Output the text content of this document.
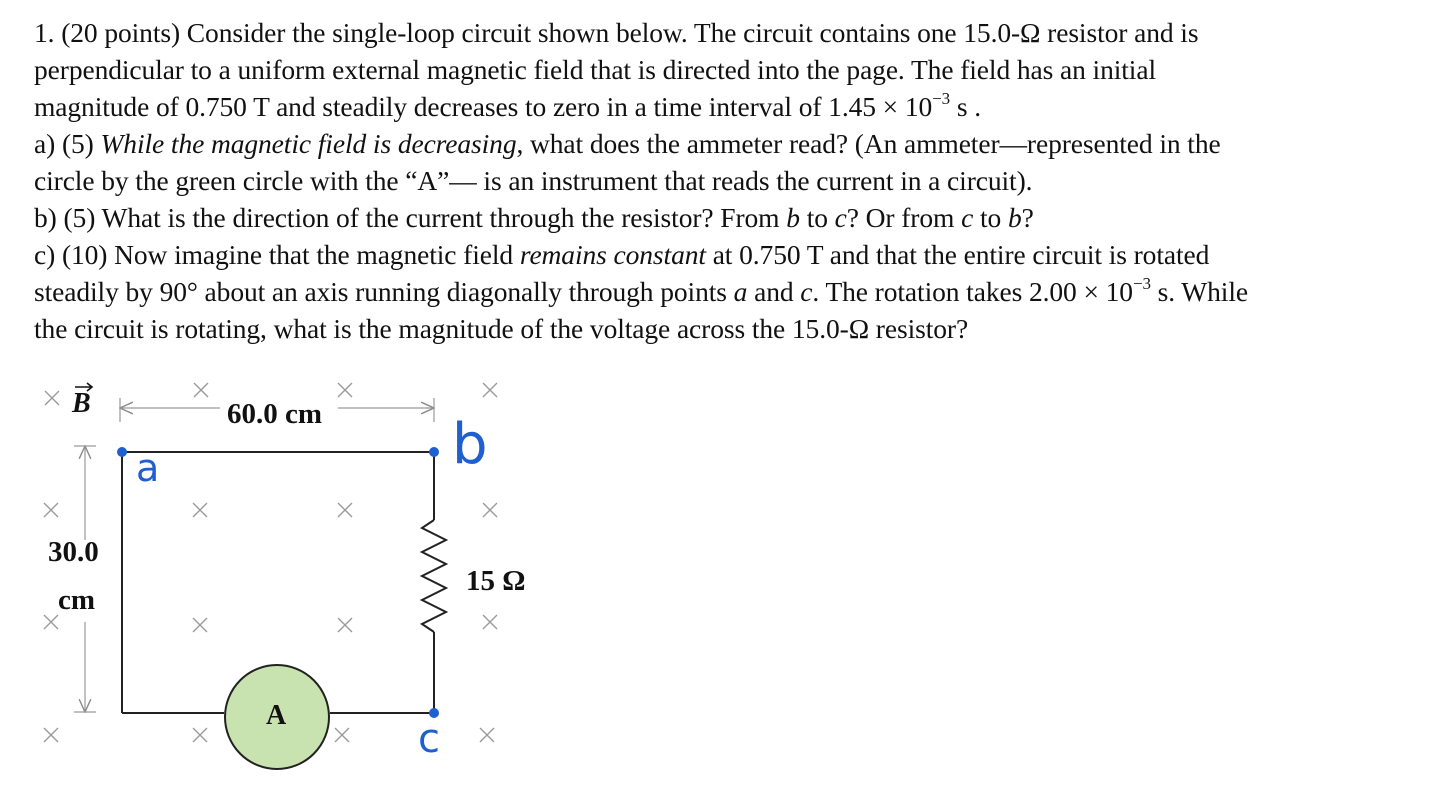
1. (20 points) Consider the single-loop circuit shown below. The circuit contains one 15.0-Ω resistor and is
perpendicular to a uniform external magnetic field that is directed into the page. The field has an initial
magnitude of 0.750 T and steadily decreases to zero in a time interval of $1.45 \times 10^{-3}$ s .
a) (5) While the magnetic field is decreasing, what does the ammeter read? (An ammeter—represented in the
circle by the green circle with the “A”— is an instrument that reads the current in a circuit).
b) (5) What is the direction of the current through the resistor? From b to c? Or from c to b?
c) (10) Now imagine that the magnetic field remains constant at 0.750 T and that the entire circuit is rotated
steadily by 90° about an axis running diagonally through points a and c. The rotation takes $2.00 \times 10^{-3}$ s. While
the circuit is rotating, what is the magnitude of the voltage across the 15.0-Ω resistor?
B	60.0 cm
30.0
cm
15 Ω
A
a	b
c
